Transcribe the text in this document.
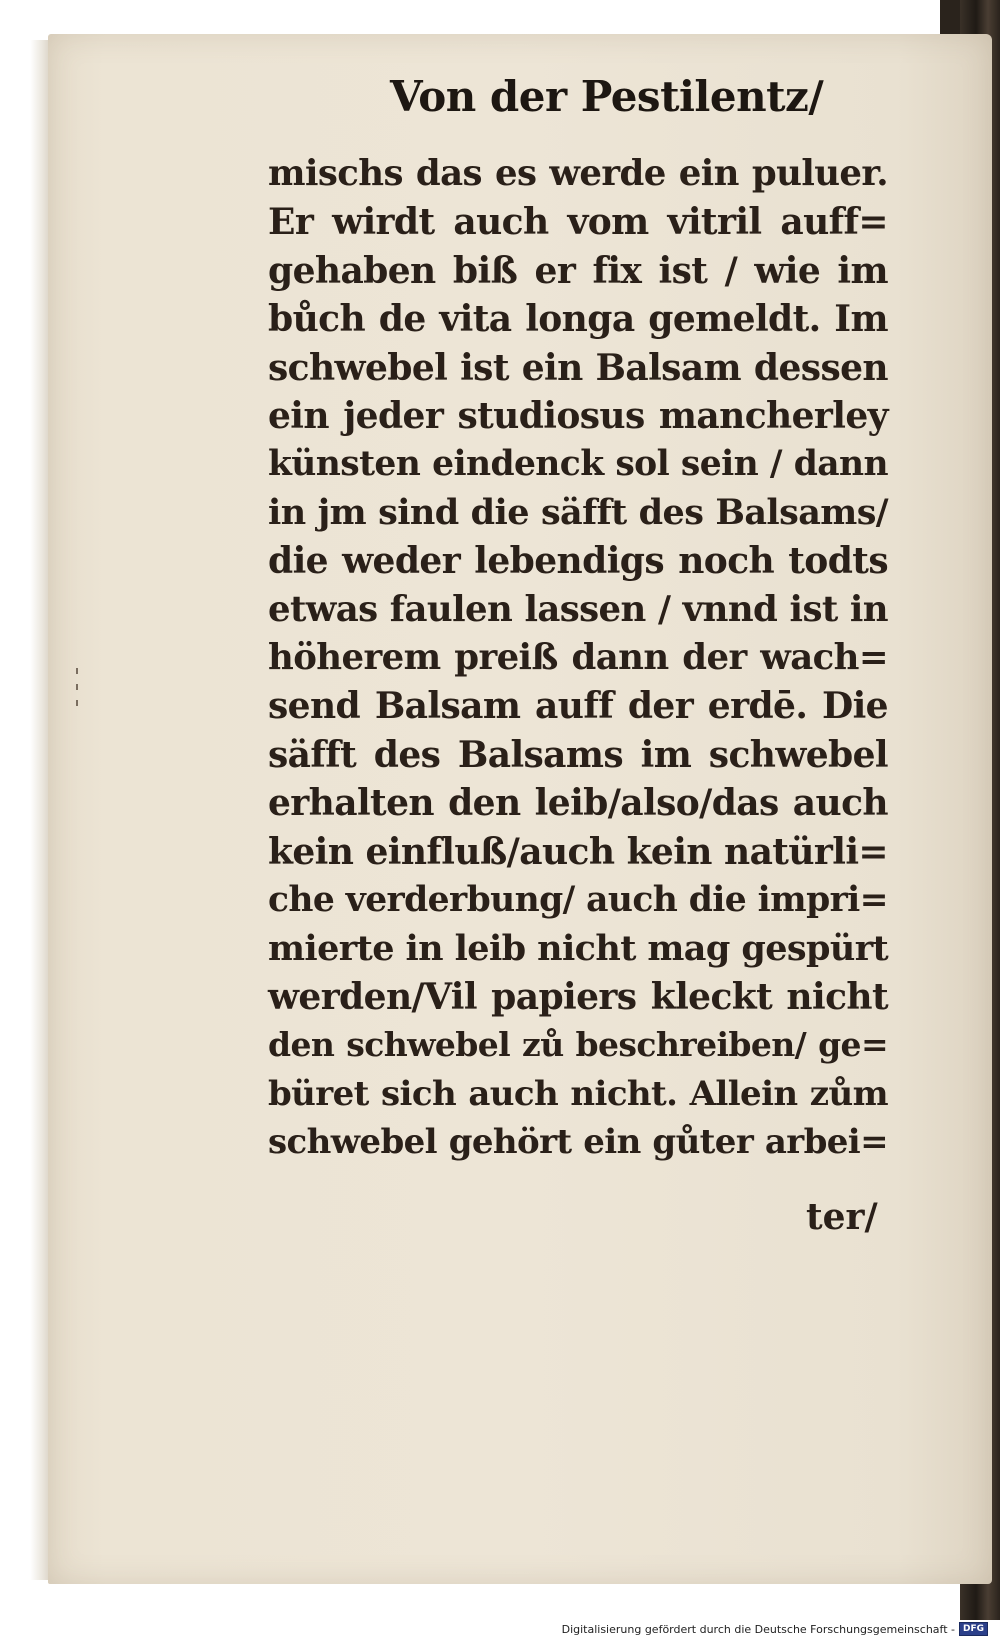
Von der Pestilentz/
mischs das es werde ein puluer.
Er wirdt auch vom vitril auff=
gehaben biß er fix ist / wie im
bůch de vita longa gemeldt. Im
schwebel ist ein Balsam dessen
ein jeder studiosus mancherley
künsten eindenck sol sein / dann
in jm sind die säfft des Balsams/
die weder lebendigs noch todts
etwas faulen lassen / vnnd ist in
höherem preiß dann der wach=
send Balsam auff der erdē. Die
säfft des Balsams im schwebel
erhalten den leib/also/das auch
kein einfluß/auch kein natürli=
che verderbung/ auch die impri=
mierte in leib nicht mag gespürt
werden/Vil papiers kleckt nicht
den schwebel zů beschreiben/ ge=
büret sich auch nicht. Allein zům
schwebel gehört ein gůter arbei=
ter/
Digitalisierung gefördert durch die Deutsche Forschungsgemeinschaft - DFG
